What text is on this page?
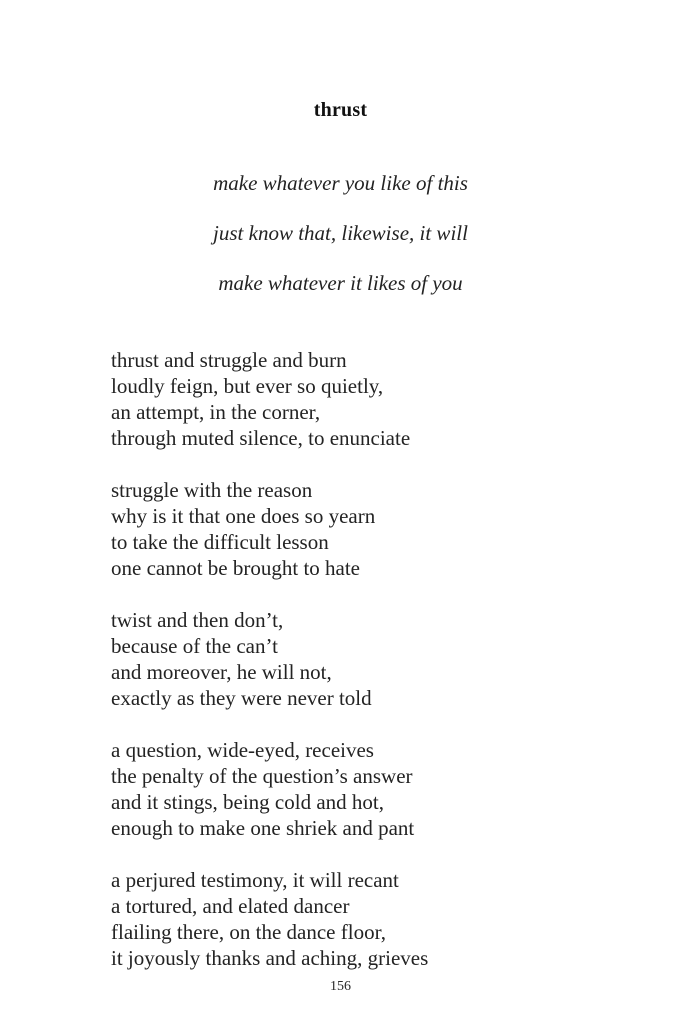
thrust
make whatever you like of this
just know that, likewise, it will
make whatever it likes of you
thrust and struggle and burn
loudly feign, but ever so quietly,
an attempt, in the corner,
through muted silence, to enunciate
struggle with the reason
why is it that one does so yearn
to take the difficult lesson
one cannot be brought to hate
twist and then don’t,
because of the can’t
and moreover, he will not,
exactly as they were never told
a question, wide-eyed, receives
the penalty of the question’s answer
and it stings, being cold and hot,
enough to make one shriek and pant
a perjured testimony, it will recant
a tortured, and elated dancer
flailing there, on the dance floor,
it joyously thanks and aching, grieves
156
